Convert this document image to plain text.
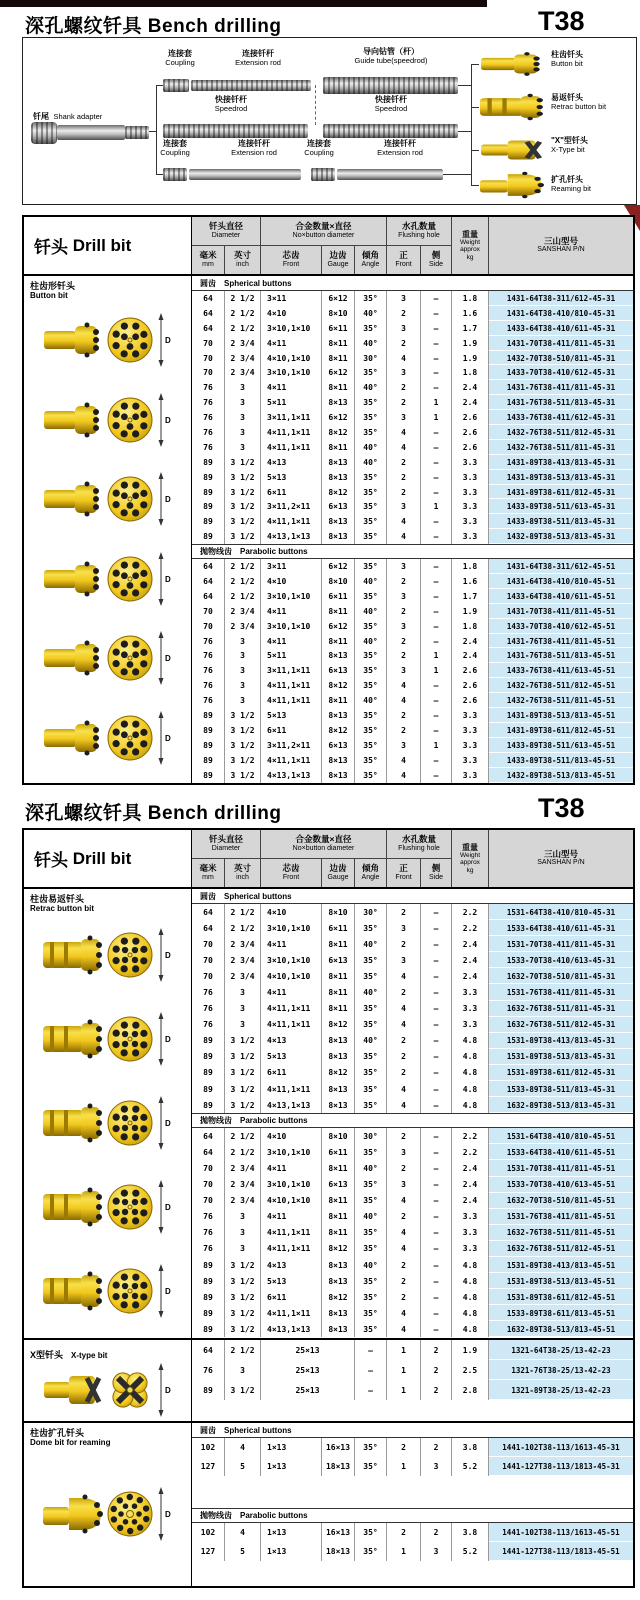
深孔螺纹钎具 Bench drilling	T38
钎尾 Shank adapter
连接套
Coupling
连接钎杆
Extension rod
导向钻管（杆）
Guide tube(speedrod)
快接钎杆
Speedrod
快接钎杆
Speedrod
连接套
Coupling
连接钎杆
Extension rod
连接套
Coupling
连接钎杆
Extension rod
柱齿钎头
Button bit
易返钎头
Retrac button bit
"X"型钎头
X-Type bit
扩孔钎头
Reaming bit
钎头
Drill bit
钎头直径
Diameter
合金数量×直径
No×button diameter
水孔数量
Flushing hole
毫米
mm
英寸
inch
芯齿
Front
边齿
Gauge
倾角
Angle
正
Front
侧
Side
重量
Weight
approx
kg
三山型号
SANSHAN P/N
柱齿形钎头
Button bit
D
D
D
D
D
D
圆齿 Spherical buttons
64	2 1/2	3×11	6×12	35°	3	–	1.8	1431-64T38-311/612-45-31
64	2 1/2	4×10	8×10	40°	2	–	1.6	1431-64T38-410/810-45-31
64	2 1/2	3×10,1×10	6×11	35°	3	–	1.7	1433-64T38-410/611-45-31
70	2 3/4	4×11	8×11	40°	2	–	1.9	1431-70T38-411/811-45-31
70	2 3/4	4×10,1×10	8×11	30°	4	–	1.9	1432-70T38-510/811-45-31
70	2 3/4	3×10,1×10	6×12	35°	3	–	1.8	1433-70T38-410/612-45-31
76	3	4×11	8×11	40°	2	–	2.4	1431-76T38-411/811-45-31
76	3	5×11	8×13	35°	2	1	2.4	1431-76T38-511/813-45-31
76	3	3×11,1×11	6×12	35°	3	1	2.6	1433-76T38-411/612-45-31
76	3	4×11,1×11	8×12	35°	4	–	2.6	1432-76T38-511/812-45-31
76	3	4×11,1×11	8×11	40°	4	–	2.6	1432-76T38-511/811-45-31
89	3 1/2	4×13	8×13	40°	2	–	3.3	1431-89T38-413/813-45-31
89	3 1/2	5×13	8×13	35°	2	–	3.3	1431-89T38-513/813-45-31
89	3 1/2	6×11	8×12	35°	2	–	3.3	1431-89T38-611/812-45-31
89	3 1/2	3×11,2×11	6×13	35°	3	1	3.3	1433-89T38-511/613-45-31
89	3 1/2	4×11,1×11	8×13	35°	4	–	3.3	1433-89T38-511/813-45-31
89	3 1/2	4×13,1×13	8×13	35°	4	–	3.3	1432-89T38-513/813-45-31
抛物线齿 Parabolic buttons
64	2 1/2	3×11	6×12	35°	3	–	1.8	1431-64T38-311/612-45-51
64	2 1/2	4×10	8×10	40°	2	–	1.6	1431-64T38-410/810-45-51
64	2 1/2	3×10,1×10	6×11	35°	3	–	1.7	1433-64T38-410/611-45-51
70	2 3/4	4×11	8×11	40°	2	–	1.9	1431-70T38-411/811-45-51
70	2 3/4	3×10,1×10	6×12	35°	3	–	1.8	1433-70T38-410/612-45-51
76	3	4×11	8×11	40°	2	–	2.4	1431-76T38-411/811-45-51
76	3	5×11	8×13	35°	2	1	2.4	1431-76T38-511/813-45-51
76	3	3×11,1×11	6×13	35°	3	1	2.6	1433-76T38-411/613-45-51
76	3	4×11,1×11	8×12	35°	4	–	2.6	1432-76T38-511/812-45-51
76	3	4×11,1×11	8×11	40°	4	–	2.6	1432-76T38-511/811-45-51
89	3 1/2	5×13	8×13	35°	2	–	3.3	1431-89T38-513/813-45-51
89	3 1/2	6×11	8×12	35°	2	–	3.3	1431-89T38-611/812-45-51
89	3 1/2	3×11,2×11	6×13	35°	3	1	3.3	1433-89T38-511/613-45-51
89	3 1/2	4×11,1×11	8×13	35°	4	–	3.3	1433-89T38-511/813-45-51
89	3 1/2	4×13,1×13	8×13	35°	4	–	3.3	1432-89T38-513/813-45-51
深孔螺纹钎具 Bench drilling	T38
钎头
Drill bit
钎头直径
Diameter
合金数量×直径
No×button diameter
水孔数量
Flushing hole
毫米
mm
英寸
inch
芯齿
Front
边齿
Gauge
倾角
Angle
正
Front
侧
Side
重量
Weight
approx
kg
三山型号
SANSHAN P/N
柱齿易返钎头
Retrac button bit
D
D
D
D
D
圆齿 Spherical buttons
64	2 1/2	4×10	8×10	30°	2	–	2.2	1531-64T38-410/810-45-31
64	2 1/2	3×10,1×10	6×11	35°	3	–	2.2	1533-64T38-410/611-45-31
70	2 3/4	4×11	8×11	40°	2	–	2.4	1531-70T38-411/811-45-31
70	2 3/4	3×10,1×10	6×13	35°	3	–	2.4	1533-70T38-410/613-45-31
70	2 3/4	4×10,1×10	8×11	35°	4	–	2.4	1632-70T38-510/811-45-31
76	3	4×11	8×11	40°	2	–	3.3	1531-76T38-411/811-45-31
76	3	4×11,1×11	8×11	35°	4	–	3.3	1632-76T38-511/811-45-31
76	3	4×11,1×11	8×12	35°	4	–	3.3	1632-76T38-511/812-45-31
89	3 1/2	4×13	8×13	40°	2	–	4.8	1531-89T38-413/813-45-31
89	3 1/2	5×13	8×13	35°	2	–	4.8	1531-89T38-513/813-45-31
89	3 1/2	6×11	8×12	35°	2	–	4.8	1531-89T38-611/812-45-31
89	3 1/2	4×11,1×11	8×13	35°	4	–	4.8	1533-89T38-511/813-45-31
89	3 1/2	4×13,1×13	8×13	35°	4	–	4.8	1632-89T38-513/813-45-31
抛物线齿 Parabolic buttons
64	2 1/2	4×10	8×10	30°	2	–	2.2	1531-64T38-410/810-45-51
64	2 1/2	3×10,1×10	6×11	35°	3	–	2.2	1533-64T38-410/611-45-51
70	2 3/4	4×11	8×11	40°	2	–	2.4	1531-70T38-411/811-45-51
70	2 3/4	3×10,1×10	6×13	35°	3	–	2.4	1533-70T38-410/613-45-51
70	2 3/4	4×10,1×10	8×11	35°	4	–	2.4	1632-70T38-510/811-45-51
76	3	4×11	8×11	40°	2	–	3.3	1531-76T38-411/811-45-51
76	3	4×11,1×11	8×11	35°	4	–	3.3	1632-76T38-511/811-45-51
76	3	4×11,1×11	8×12	35°	4	–	3.3	1632-76T38-511/812-45-51
89	3 1/2	4×13	8×13	40°	2	–	4.8	1531-89T38-413/813-45-51
89	3 1/2	5×13	8×13	35°	2	–	4.8	1531-89T38-513/813-45-51
89	3 1/2	6×11	8×12	35°	2	–	4.8	1531-89T38-611/812-45-51
89	3 1/2	4×11,1×11	8×13	35°	4	–	4.8	1533-89T38-611/813-45-51
89	3 1/2	4×13,1×13	8×13	35°	4	–	4.8	1632-89T38-513/813-45-51
X型钎头 X-type bit
D
64	2 1/2	25×13	–	1	2	1.9	1321-64T38-25/13-42-23
76	3	25×13	–	1	2	2.5	1321-76T38-25/13-42-23
89	3 1/2	25×13	–	1	2	2.8	1321-89T38-25/13-42-23
柱齿扩孔钎头
Dome bit for reaming
D
圆齿 Spherical buttons
102	4	1×13	16×13	35°	2	2	3.8	1441-102T38-113/1613-45-31
127	5	1×13	18×13	35°	1	3	5.2	1441-127T38-113/1813-45-31
抛物线齿 Parabolic buttons
102	4	1×13	16×13	35°	2	2	3.8	1441-102T38-113/1613-45-51
127	5	1×13	18×13	35°	1	3	5.2	1441-127T38-113/1813-45-51
